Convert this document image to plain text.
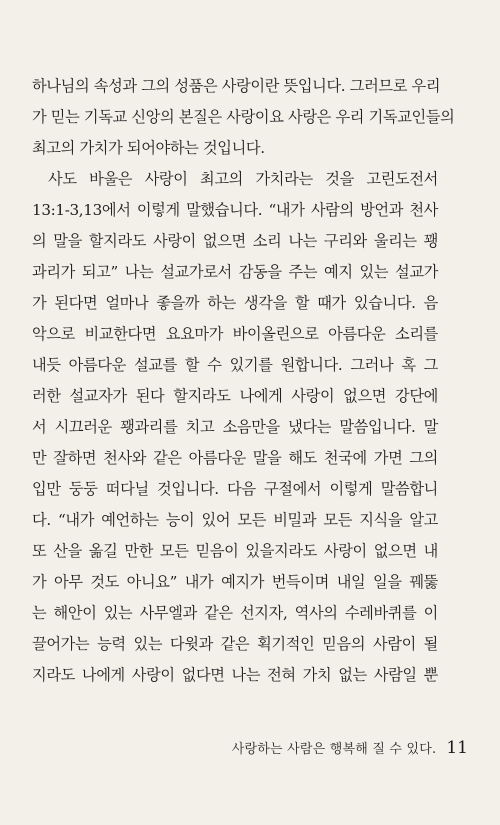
하나님의 속성과 그의 성품은 사랑이란 뜻입니다. 그러므로 우리
가 믿는 기독교 신앙의 본질은 사랑이요 사랑은 우리 기독교인들의
최고의 가치가 되어야하는 것입니다.
사도 바울은 사랑이 최고의 가치라는 것을 고린도전서
13:1-3,13에서 이렇게 말했습니다. “내가 사람의 방언과 천사
의 말을 할지라도 사랑이 없으면 소리 나는 구리와 울리는 꽹
과리가 되고” 나는 설교가로서 감동을 주는 예지 있는 설교가
가 된다면 얼마나 좋을까 하는 생각을 할 때가 있습니다. 음
악으로 비교한다면 요요마가 바이올린으로 아름다운 소리를
내듯 아름다운 설교를 할 수 있기를 원합니다. 그러나 혹 그
러한 설교자가 된다 할지라도 나에게 사랑이 없으면 강단에
서 시끄러운 꽹과리를 치고 소음만을 냈다는 말씀입니다. 말
만 잘하면 천사와 같은 아름다운 말을 해도 천국에 가면 그의
입만 둥둥 떠다닐 것입니다. 다음 구절에서 이렇게 말씀합니
다. “내가 예언하는 능이 있어 모든 비밀과 모든 지식을 알고
또 산을 옮길 만한 모든 믿음이 있을지라도 사랑이 없으면 내
가 아무 것도 아니요” 내가 예지가 번득이며 내일 일을 꿰뚫
는 해안이 있는 사무엘과 같은 선지자, 역사의 수레바퀴를 이
끌어가는 능력 있는 다윗과 같은 획기적인 믿음의 사람이 될
지라도 나에게 사랑이 없다면 나는 전혀 가치 없는 사람일 뿐
사랑하는 사람은 행복해 질 수 있다. 11
